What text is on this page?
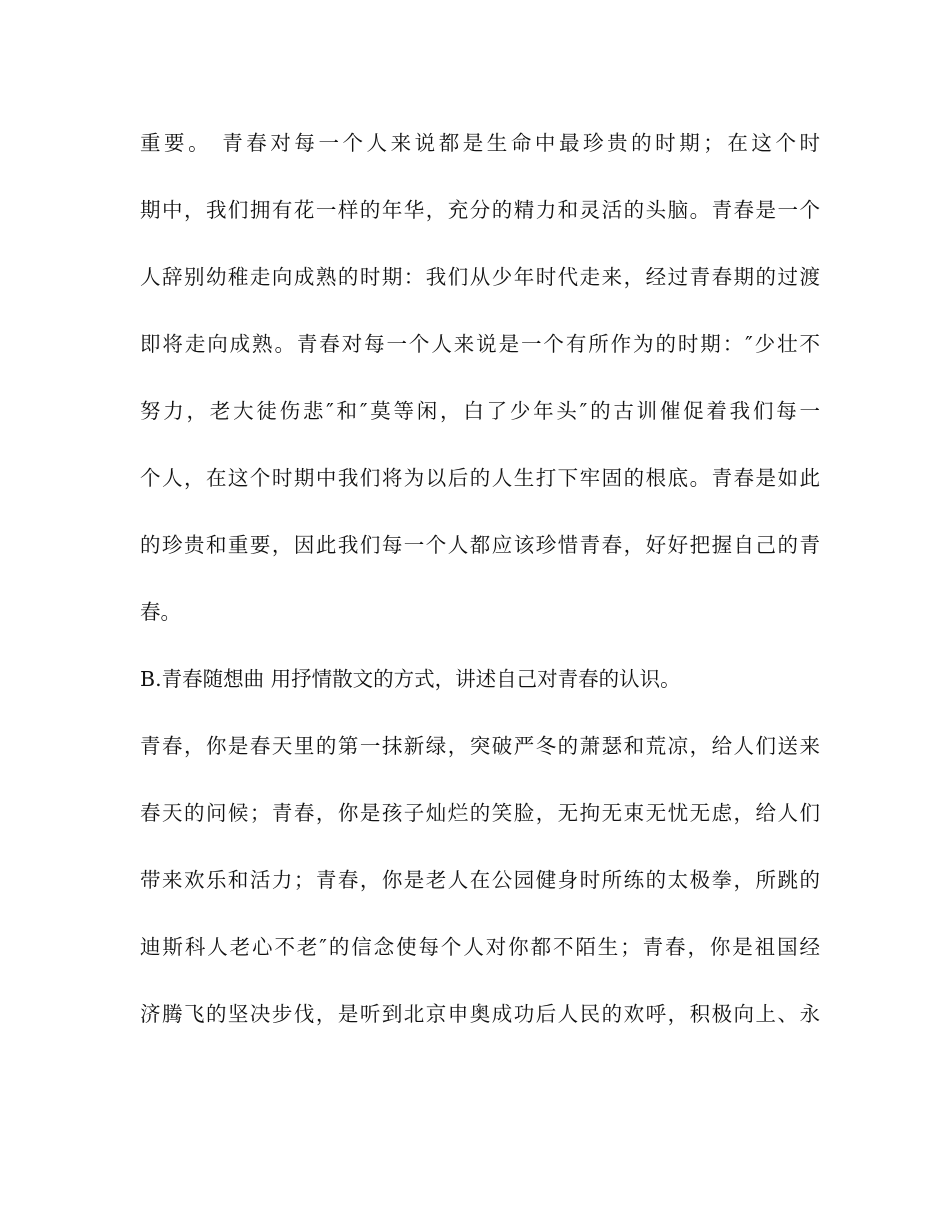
重要。 青春对每一个人来说都是生命中最珍贵的时期；在这个时
期中，我们拥有花一样的年华，充分的精力和灵活的头脑。青春是一个
人辞别幼稚走向成熟的时期：我们从少年时代走来，经过青春期的过渡
即将走向成熟。青春对每一个人来说是一个有所作为的时期：″少壮不
努力，老大徒伤悲″和″莫等闲，白了少年头″的古训催促着我们每一
个人，在这个时期中我们将为以后的人生打下牢固的根底。青春是如此
的珍贵和重要，因此我们每一个人都应该珍惜青春，好好把握自己的青
春。
B.青春随想曲 用抒情散文的方式，讲述自己对青春的认识。
青春，你是春天里的第一抹新绿，突破严冬的萧瑟和荒凉，给人们送来
春天的问候；青春，你是孩子灿烂的笑脸，无拘无束无忧无虑，给人们
带来欢乐和活力；青春，你是老人在公园健身时所练的太极拳，所跳的
迪斯科人老心不老″的信念使每个人对你都不陌生；青春，你是祖国经
济腾飞的坚决步伐，是听到北京申奥成功后人民的欢呼，积极向上、永
